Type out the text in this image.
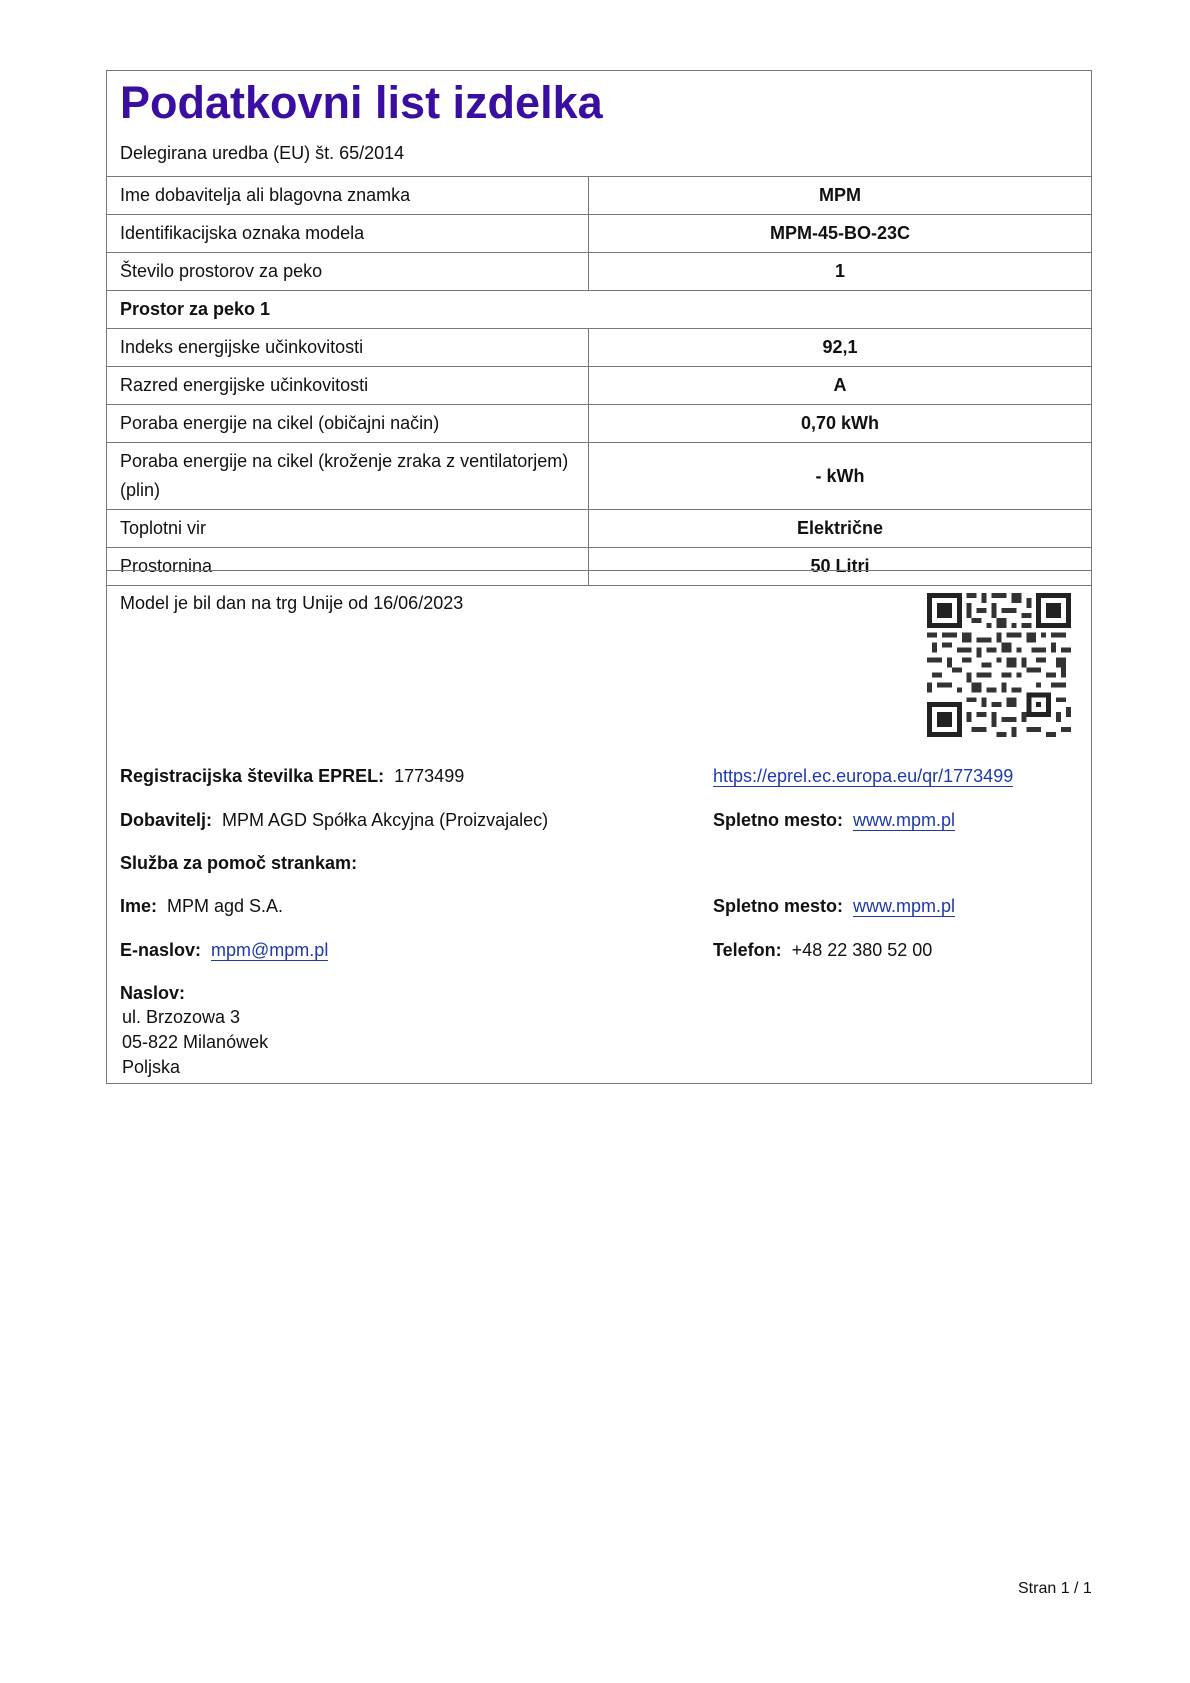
Podatkovni list izdelka
Delegirana uredba (EU) št. 65/2014
Ime dobavitelja ali blagovna znamka	MPM
Identifikacijska oznaka modela	MPM-45-BO-23C
Število prostorov za peko	1
Prostor za peko 1	
Indeks energijske učinkovitosti	92,1
Razred energijske učinkovitosti	A
Poraba energije na cikel (običajni način)	0,70 kWh
Poraba energije na cikel (kroženje zraka z ventilatorjem) (plin)	- kWh
Toplotni vir	Električne
Prostornina	50 Litri
Model je bil dan na trg Unije od 16/06/2023
Registracijska številka EPREL: 1773499	https://eprel.ec.europa.eu/qr/1773499
Dobavitelj: MPM AGD Spółka Akcyjna (Proizvajalec)	Spletno mesto: www.mpm.pl
Služba za pomoč strankam:
Ime: MPM agd S.A.	Spletno mesto: www.mpm.pl
E-naslov: mpm@mpm.pl	Telefon: +48 22 380 52 00
Naslov:
ul. Brzozowa 3
05-822 Milanówek
Poljska
Stran 1 / 1
